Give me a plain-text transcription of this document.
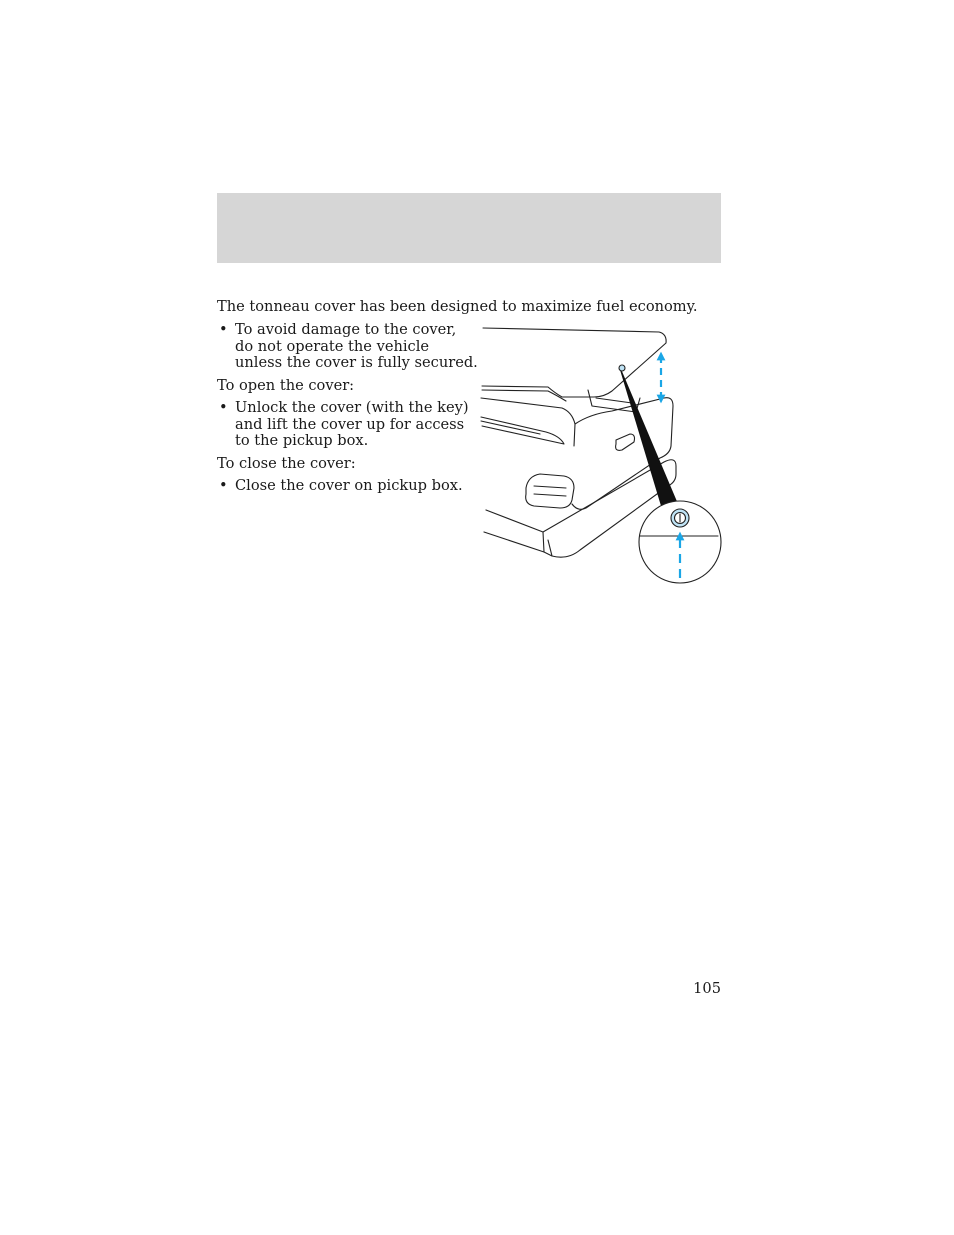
The tonneau cover has been designed to maximize fuel economy.

• To avoid damage to the cover, do not operate the vehicle unless the cover is fully secured.

To open the cover:

• Unlock the cover (with the key) and lift the cover up for access to the pickup box.

To close the cover:

• Close the cover on pickup box.
105
